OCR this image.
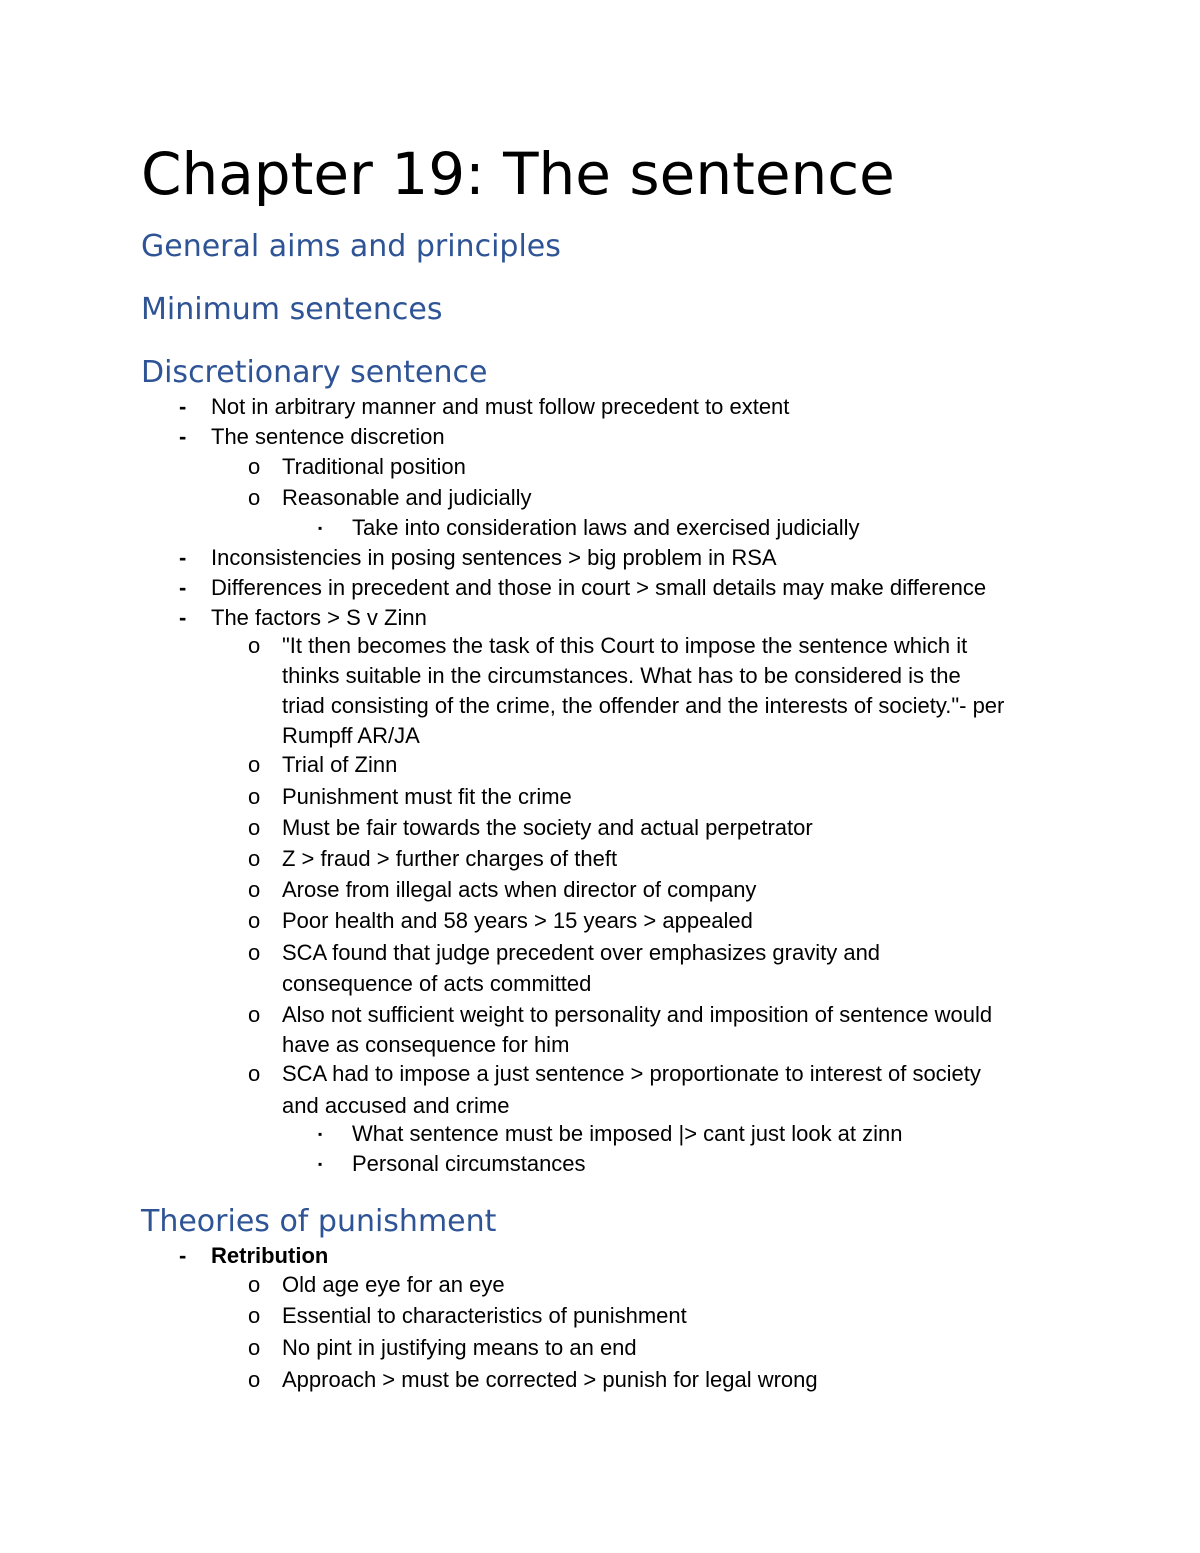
Chapter 19: The sentence
General aims and principles
Minimum sentences
Discretionary sentence
- Not in arbitrary manner and must follow precedent to extent
- The sentence discretion
o Traditional position
o Reasonable and judicially
▪ Take into consideration laws and exercised judicially
- Inconsistencies in posing sentences > big problem in RSA
- Differences in precedent and those in court > small details may make difference
- The factors > S v Zinn
o "It then becomes the task of this Court to impose the sentence which it
thinks suitable in the circumstances. What has to be considered is the
triad consisting of the crime, the offender and the interests of society."- per
Rumpff AR/JA
o Trial of Zinn
o Punishment must fit the crime
o Must be fair towards the society and actual perpetrator
o Z > fraud > further charges of theft
o Arose from illegal acts when director of company
o Poor health and 58 years > 15 years > appealed
o SCA found that judge precedent over emphasizes gravity and
consequence of acts committed
o Also not sufficient weight to personality and imposition of sentence would
have as consequence for him
o SCA had to impose a just sentence > proportionate to interest of society
and accused and crime
▪ What sentence must be imposed |> cant just look at zinn
▪ Personal circumstances
Theories of punishment
- Retribution
o Old age eye for an eye
o Essential to characteristics of punishment
o No pint in justifying means to an end
o Approach > must be corrected > punish for legal wrong
